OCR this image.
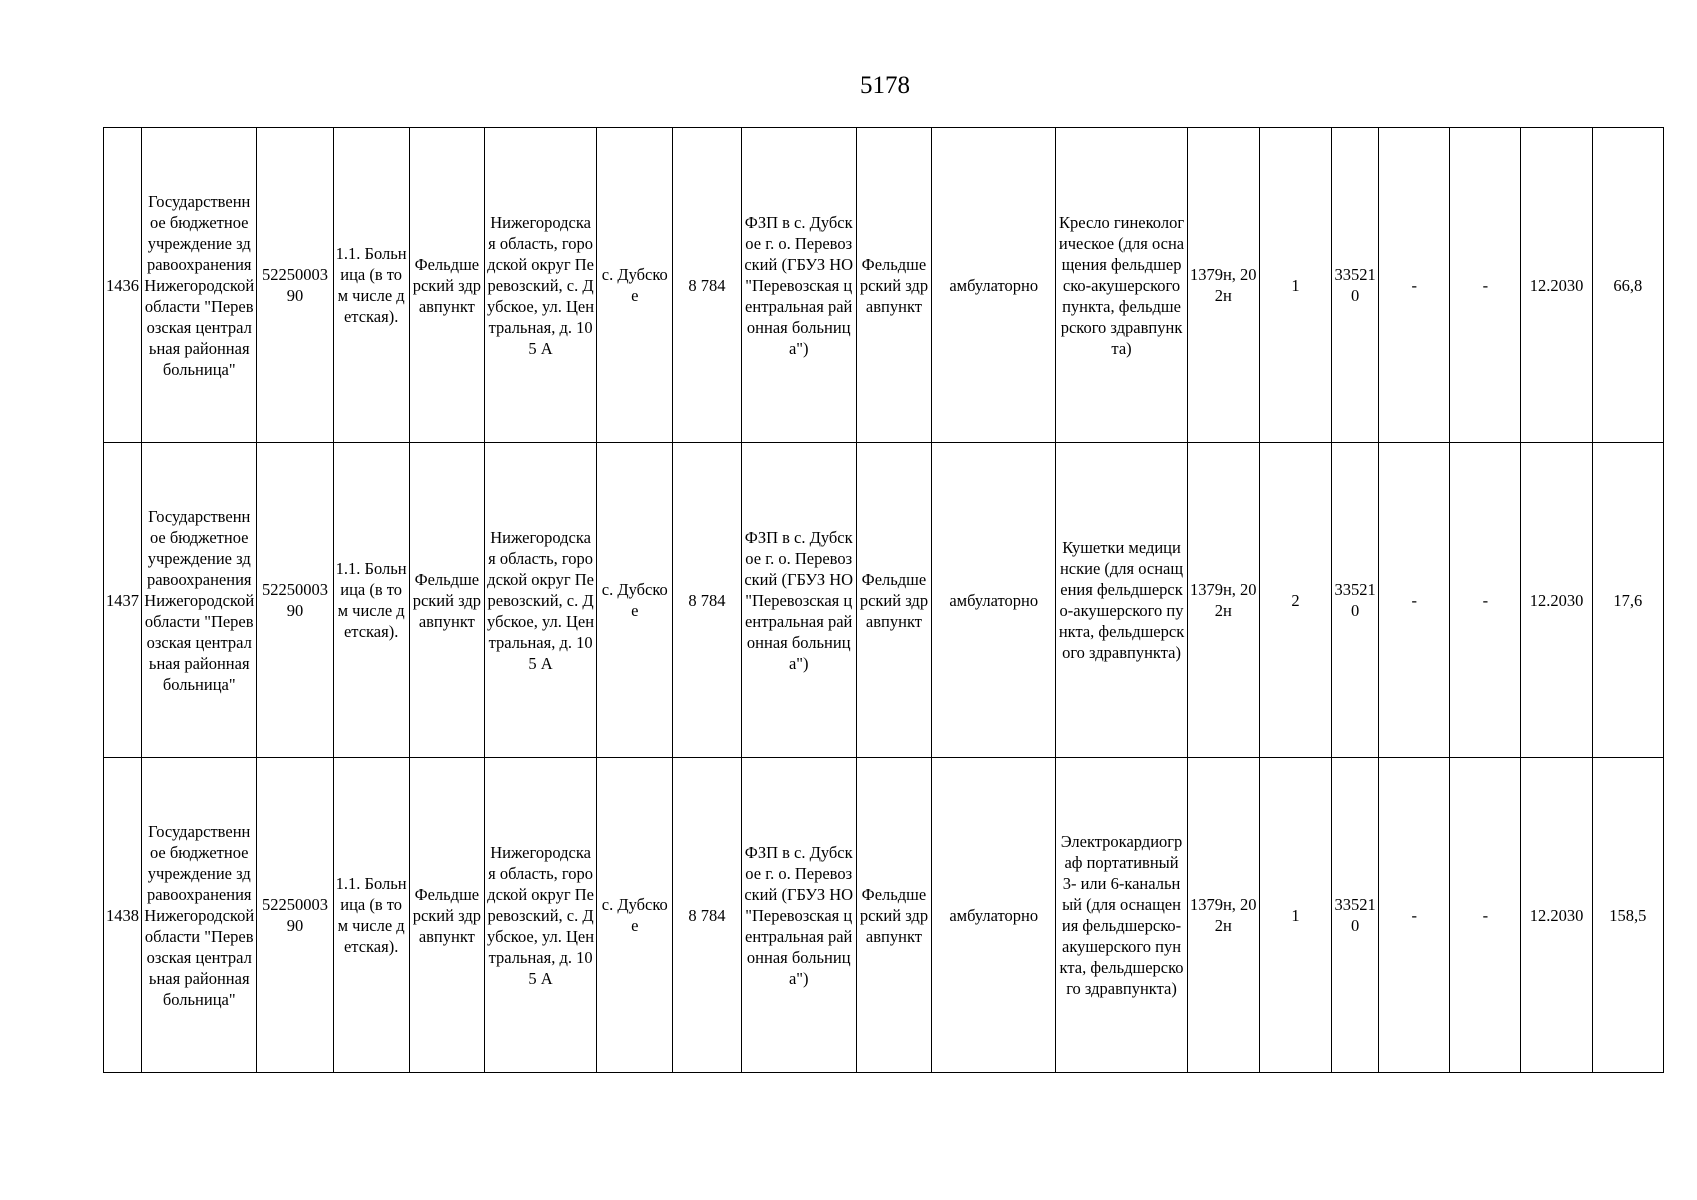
5178
1436	Государственное бюджетное учреждение здравоохранения Нижегородской области "Перевозская центральная районная больница"	5225000390	1.1. Больница (в том числе детская).	Фельдшерский здравпункт	Нижегородская область, городской округ Перевозский, с. Дубское, ул. Центральная, д. 105 А	с. Дубское	8 784	ФЗП в с. Дубское г. о. Перевозский (ГБУЗ НО "Перевозская центральная районная больница")	Фельдшерский здравпункт	амбулаторно	Кресло гинекологическое (для оснащения фельдшерско-акушерского пункта, фельдшерского здравпункта)	1379н, 202н	1	335210	-	-	12.2030	66,8
1437	Государственное бюджетное учреждение здравоохранения Нижегородской области "Перевозская центральная районная больница"	5225000390	1.1. Больница (в том числе детская).	Фельдшерский здравпункт	Нижегородская область, городской округ Перевозский, с. Дубское, ул. Центральная, д. 105 А	с. Дубское	8 784	ФЗП в с. Дубское г. о. Перевозский (ГБУЗ НО "Перевозская центральная районная больница")	Фельдшерский здравпункт	амбулаторно	Кушетки медицинские (для оснащения фельдшерско-акушерского пункта, фельдшерского здравпункта)	1379н, 202н	2	335210	-	-	12.2030	17,6
1438	Государственное бюджетное учреждение здравоохранения Нижегородской области "Перевозская центральная районная больница"	5225000390	1.1. Больница (в том числе детская).	Фельдшерский здравпункт	Нижегородская область, городской округ Перевозский, с. Дубское, ул. Центральная, д. 105 А	с. Дубское	8 784	ФЗП в с. Дубское г. о. Перевозский (ГБУЗ НО "Перевозская центральная районная больница")	Фельдшерский здравпункт	амбулаторно	Электрокардиограф портативный 3- или 6-канальный (для оснащения фельдшерско-акушерского пункта, фельдшерского здравпункта)	1379н, 202н	1	335210	-	-	12.2030	158,5
